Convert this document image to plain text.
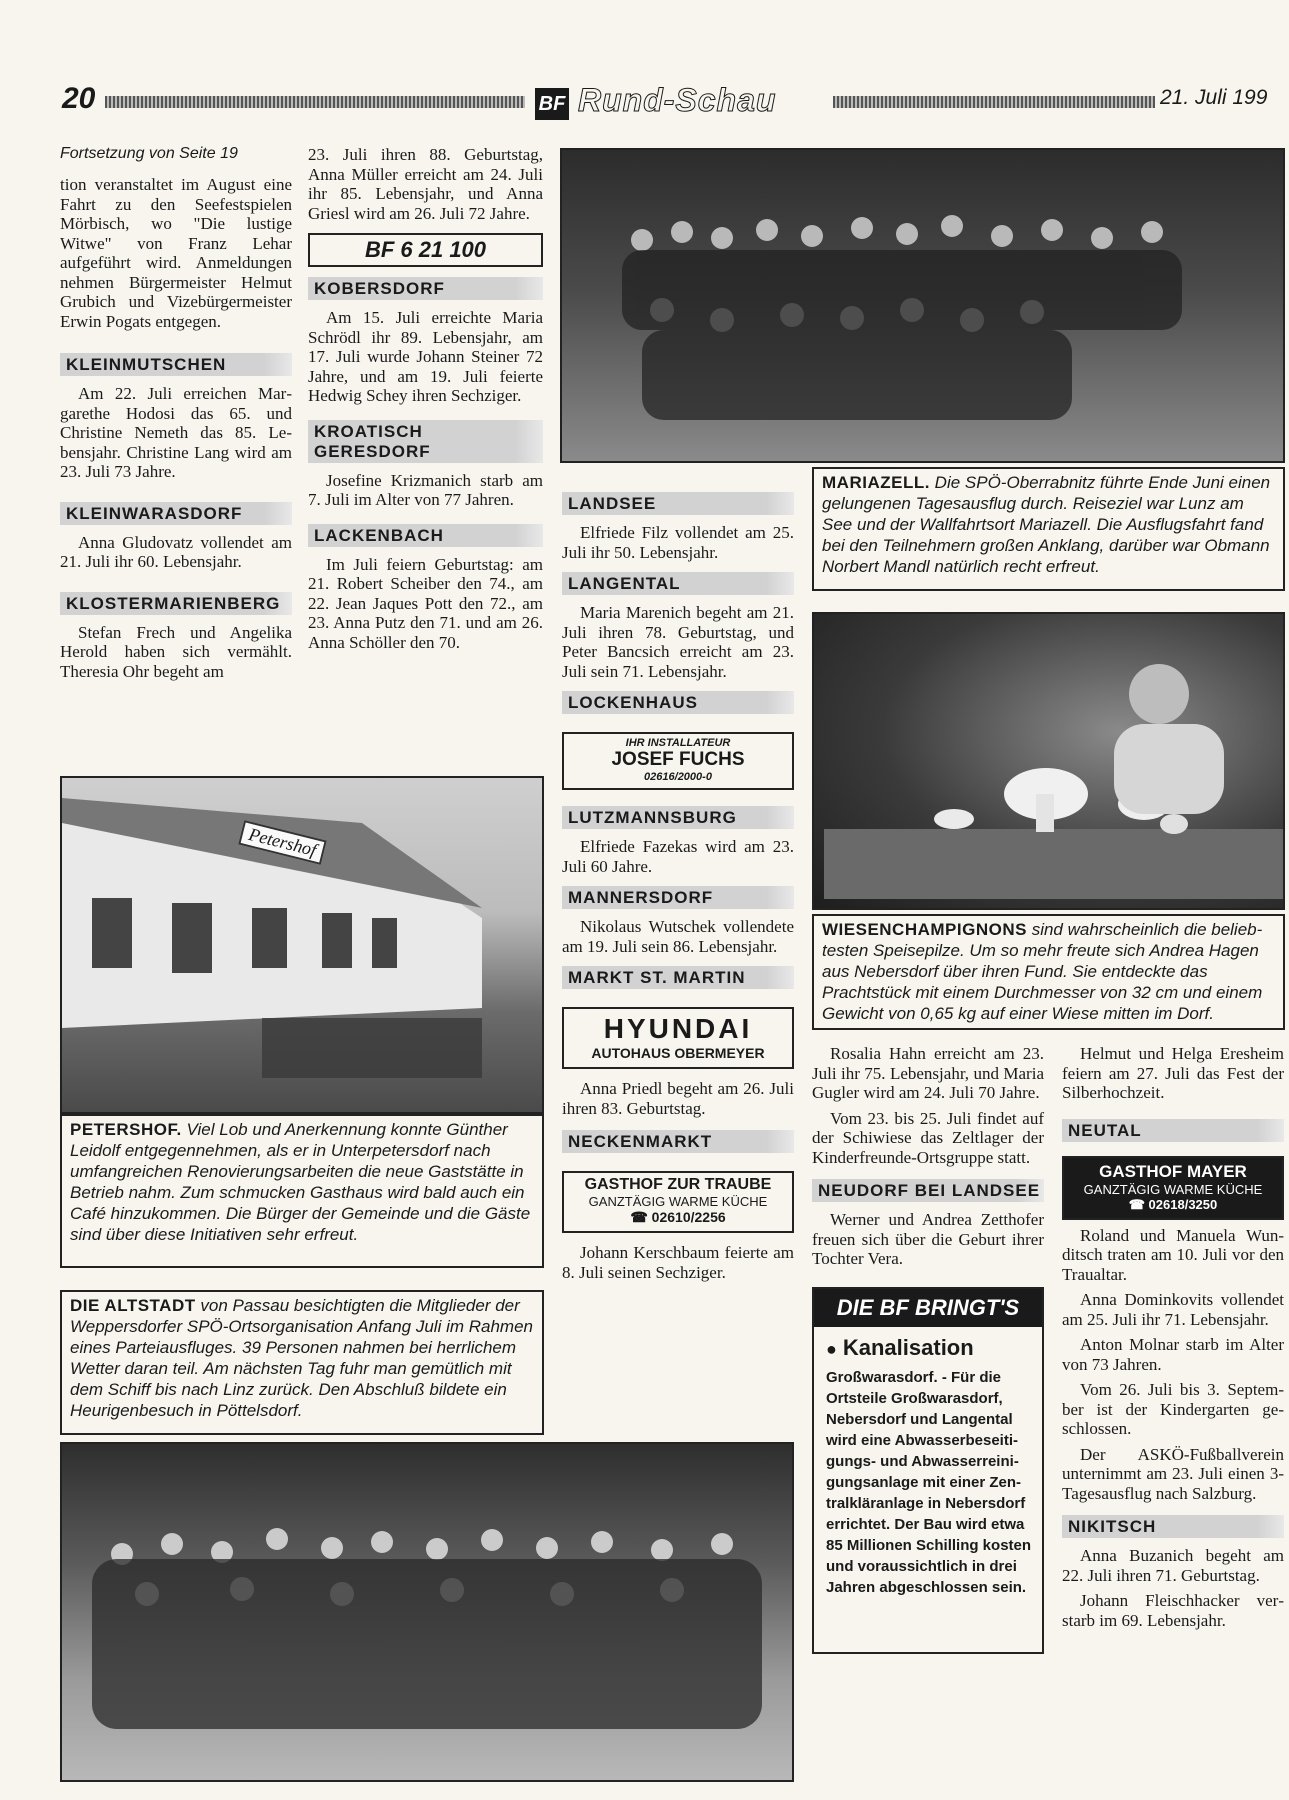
20	BF Rund-Schau	21. Juli 199
Fortsetzung von Seite 19
tion veranstaltet im August eine Fahrt zu den Seefestspielen Mörbisch, wo "Die lustige Witwe" von Franz Lehar aufgeführt wird. Anmeldungen nehmen Bürgermeister Helmut Grubich und Vizebürgermeister Erwin Pogats entgegen.
KLEINMUTSCHEN
Am 22. Juli erreichen Margarethe Hodosi das 65. und Christine Nemeth das 85. Lebensjahr. Christine Lang wird am 23. Juli 73 Jahre.
KLEINWARASDORF
Anna Gludovatz vollendet am 21. Juli ihr 60. Lebensjahr.
KLOSTERMARIENBERG
Stefan Frech und Angelika Herold haben sich vermählt. Theresia Ohr begeht am
23. Juli ihren 88. Geburtstag, Anna Müller erreicht am 24. Juli ihr 85. Lebensjahr, und Anna Griesl wird am 26. Juli 72 Jahre.
BF 6 21 100
KOBERSDORF
Am 15. Juli erreichte Maria Schrödl ihr 89. Lebensjahr, am 17. Juli wurde Johann Steiner 72 Jahre, und am 19. Juli feierte Hedwig Schey ihren Sechziger.
KROATISCH GERESDORF
Josefine Krizmanich starb am 7. Juli im Alter von 77 Jahren.
LACKENBACH
Im Juli feiern Geburtstag: am 21. Robert Scheiber den 74., am 22. Jean Jaques Pott den 72., am 23. Anna Putz den 71. und am 26. Anna Schöller den 70.
MARIAZELL. Die SPÖ-Oberrabnitz führte Ende Juni einen gelungenen Tagesausflug durch. Reiseziel war Lunz am See und der Wallfahrtsort Mariazell. Die Ausflugsfahrt fand bei den Teilnehmern großen Anklang, darüber war Obmann Norbert Mandl natürlich recht erfreut.
LANDSEE
Elfriede Filz vollendet am 25. Juli ihr 50. Lebensjahr.
LANGENTAL
Maria Marenich begeht am 21. Juli ihren 78. Geburtstag, und Peter Bancsich erreicht am 23. Juli sein 71. Lebensjahr.
LOCKENHAUS
IHR INSTALLATEUR
JOSEF FUCHS
02616/2000-0
LUTZMANNSBURG
Elfriede Fazekas wird am 23. Juli 60 Jahre.
MANNERSDORF
Nikolaus Wutschek vollendete am 19. Juli sein 86. Lebensjahr.
MARKT ST. MARTIN
HYUNDAI
AUTOHAUS OBERMEYER
Anna Priedl begeht am 26. Juli ihren 83. Geburtstag.
NECKENMARKT
GASTHOF ZUR TRAUBE
GANZTÄGIG WARME KÜCHE
☎ 02610/2256
Johann Kerschbaum feierte am 8. Juli seinen Sechziger.
WIESENCHAMPIGNONS sind wahrscheinlich die beliebtesten Speisepilze. Um so mehr freute sich Andrea Hagen aus Nebersdorf über ihren Fund. Sie entdeckte das Prachtstück mit einem Durchmesser von 32 cm und einem Gewicht von 0,65 kg auf einer Wiese mitten im Dorf.
Petershof
PETERSHOF. Viel Lob und Anerkennung konnte Günther Leidolf entgegennehmen, als er in Unterpetersdorf nach umfangreichen Renovierungsarbeiten die neue Gaststätte in Betrieb nahm. Zum schmucken Gasthaus wird bald auch ein Café hinzukommen. Die Bürger der Gemeinde und die Gäste sind über diese Initiativen sehr erfreut.
DIE ALTSTADT von Passau besichtigten die Mitglieder der Weppersdorfer SPÖ-Ortsorganisation Anfang Juli im Rahmen eines Parteiausfluges. 39 Personen nahmen bei herrlichem Wetter daran teil. Am nächsten Tag fuhr man gemütlich mit dem Schiff bis nach Linz zurück. Den Abschluß bildete ein Heurigenbesuch in Pöttelsdorf.
Rosalia Hahn erreicht am 23. Juli ihr 75. Lebensjahr, und Maria Gugler wird am 24. Juli 70 Jahre.
Vom 23. bis 25. Juli findet auf der Schiwiese das Zeltlager der Kinderfreunde-Ortsgruppe statt.
NEUDORF BEI LANDSEE
Werner und Andrea Zetthofer freuen sich über die Geburt ihrer Tochter Vera.
DIE BF BRINGT'S
● Kanalisation
Großwarasdorf. - Für die Ortsteile Großwarasdorf, Nebersdorf und Langental wird eine Abwasserbeseitigungs- und Abwasserreinigungsanlage mit einer Zentralkläranlage in Nebersdorf errichtet. Der Bau wird etwa 85 Millionen Schilling kosten und voraussichtlich in drei Jahren abgeschlossen sein.
Helmut und Helga Eresheim feiern am 27. Juli das Fest der Silberhochzeit.
NEUTAL
GASTHOF MAYER
GANZTÄGIG WARME KÜCHE
☎ 02618/3250
Roland und Manuela Wunditsch traten am 10. Juli vor den Traualtar.
Anna Dominkovits vollendet am 25. Juli ihr 71. Lebensjahr.
Anton Molnar starb im Alter von 73 Jahren.
Vom 26. Juli bis 3. September ist der Kindergarten geschlossen.
Der ASKÖ-Fußballverein unternimmt am 23. Juli einen 3-Tagesausflug nach Salzburg.
NIKITSCH
Anna Buzanich begeht am 22. Juli ihren 71. Geburtstag.
Johann Fleischhacker verstarb im 69. Lebensjahr.
